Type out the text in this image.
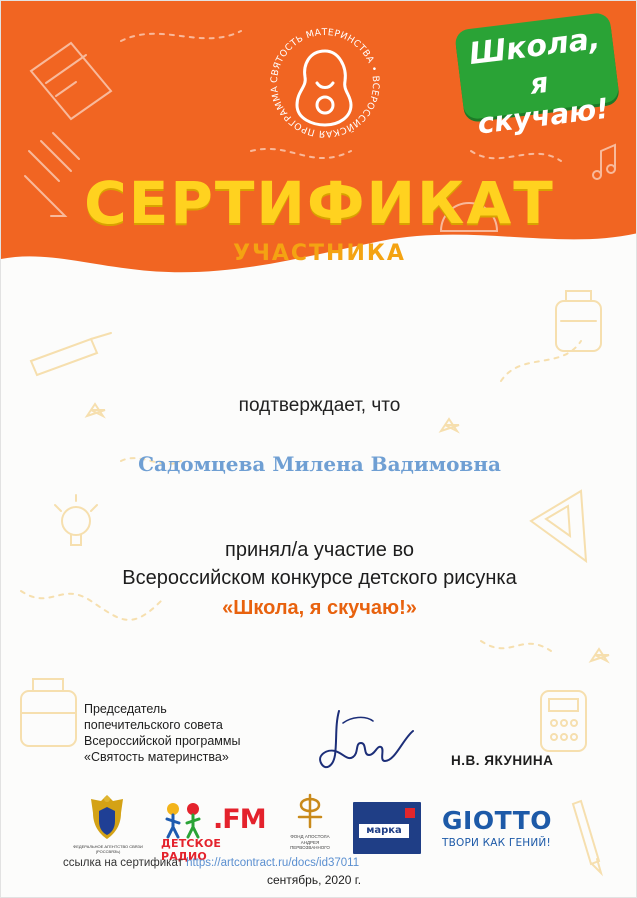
СВЯТОСТЬ МАТЕРИНСТВА • ВСЕРОССИЙСКАЯ ПРОГРАММА
Школа,
я скучаю!
СЕРТИФИКАТ
УЧАСТНИКА
подтверждает, что
Садомцева Милена Вадимовна
принял/а участие во
Всероссийском конкурсе детского рисунка
«Школа, я скучаю!»
Председатель
попечительского совета
Всероссийской программы
«Святость материнства»	Н.В. ЯКУНИНА
ФЕДЕРАЛЬНОЕ АГЕНТСТВО СВЯЗИ (РОССВЯЗЬ)
.FM
ДЕТСКОЕ РАДИО
ФОНД АПОСТОЛА АНДРЕЯ ПЕРВОЗВАННОГО
марка GIOTTO
ТВОРИ КАК ГЕНИЙ!
ссылка на сертификат https://artcontract.ru/docs/id37011
сентябрь, 2020 г.
